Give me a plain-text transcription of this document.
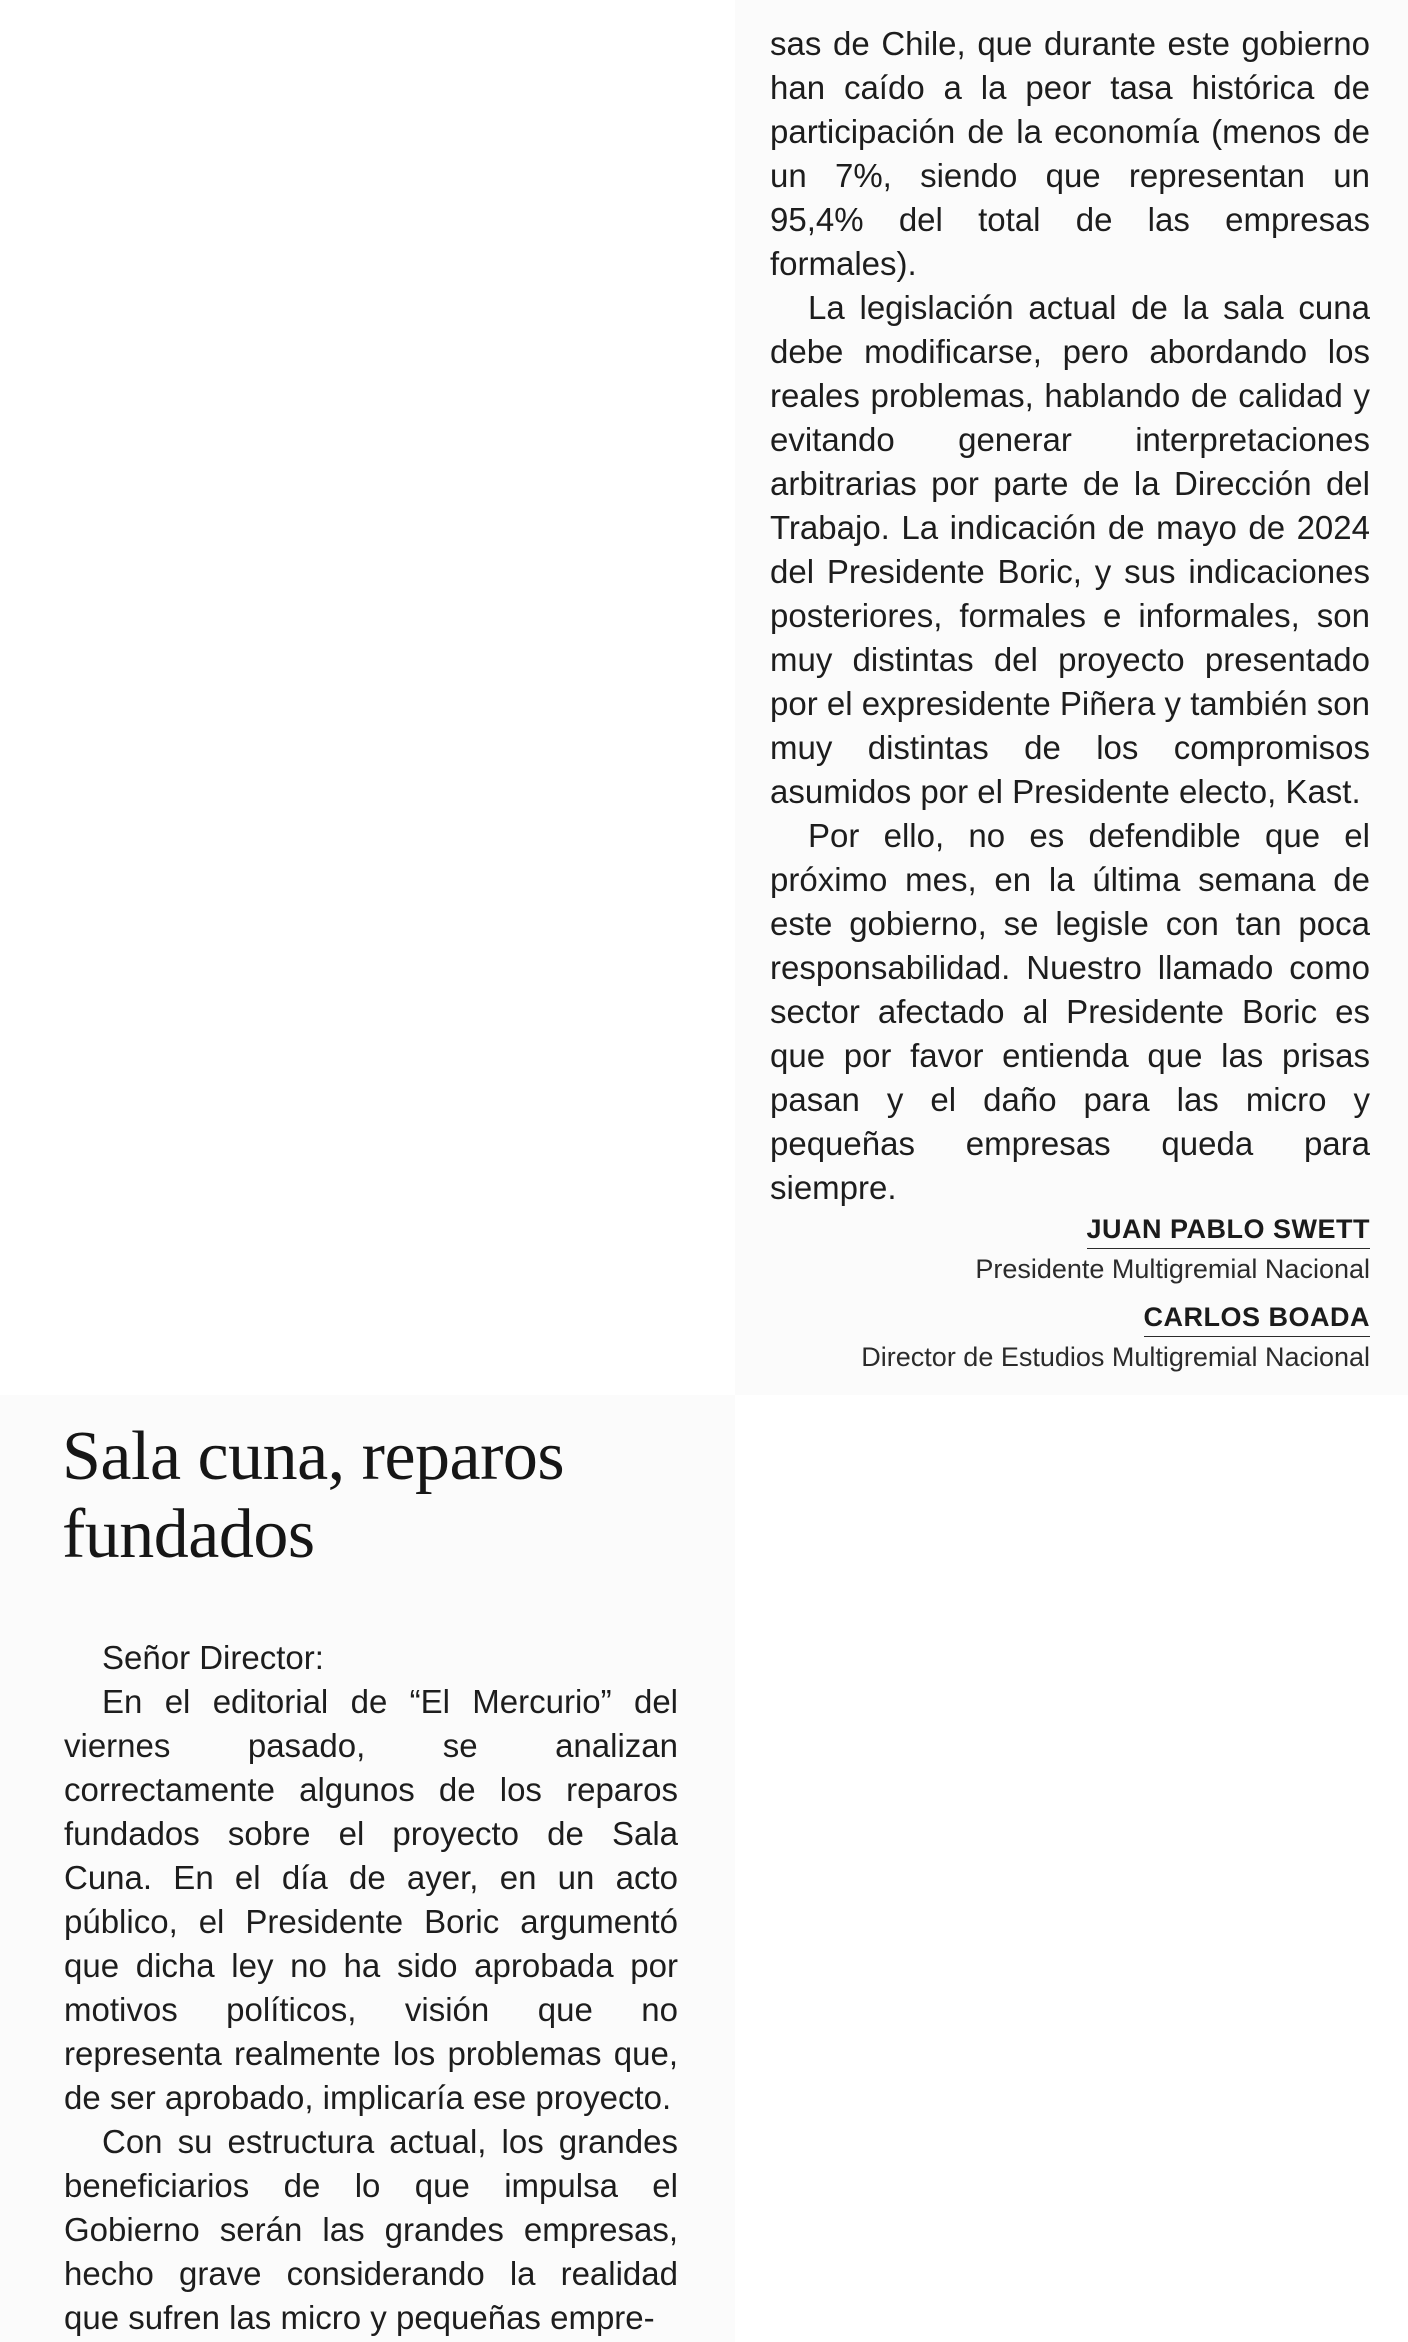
sas de Chile, que durante este gobierno han caído a la peor tasa histórica de participación de la economía (menos de un 7%, siendo que representan un 95,4% del total de las empresas formales).

La legislación actual de la sala cuna debe modificarse, pero abordando los reales problemas, hablando de calidad y evitando generar interpretaciones arbitrarias por parte de la Dirección del Trabajo. La indicación de mayo de 2024 del Presidente Boric, y sus indicaciones posteriores, formales e informales, son muy distintas del proyecto presentado por el expresidente Piñera y también son muy distintas de los compromisos asumidos por el Presidente electo, Kast.

Por ello, no es defendible que el próximo mes, en la última semana de este gobierno, se legisle con tan poca responsabilidad. Nuestro llamado como sector afectado al Presidente Boric es que por favor entienda que las prisas pasan y el daño para las micro y pequeñas empresas queda para siempre.

JUAN PABLO SWETT
Presidente Multigremial Nacional
CARLOS BOADA
Director de Estudios Multigremial Nacional
Sala cuna, reparos fundados

Señor Director:

En el editorial de “El Mercurio” del viernes pasado, se analizan correctamente algunos de los reparos fundados sobre el proyecto de Sala Cuna. En el día de ayer, en un acto público, el Presidente Boric argumentó que dicha ley no ha sido aprobada por motivos políticos, visión que no representa realmente los problemas que, de ser aprobado, implicaría ese proyecto.

Con su estructura actual, los grandes beneficiarios de lo que impulsa el Gobierno serán las grandes empresas, hecho grave considerando la realidad que sufren las micro y pequeñas empre-
